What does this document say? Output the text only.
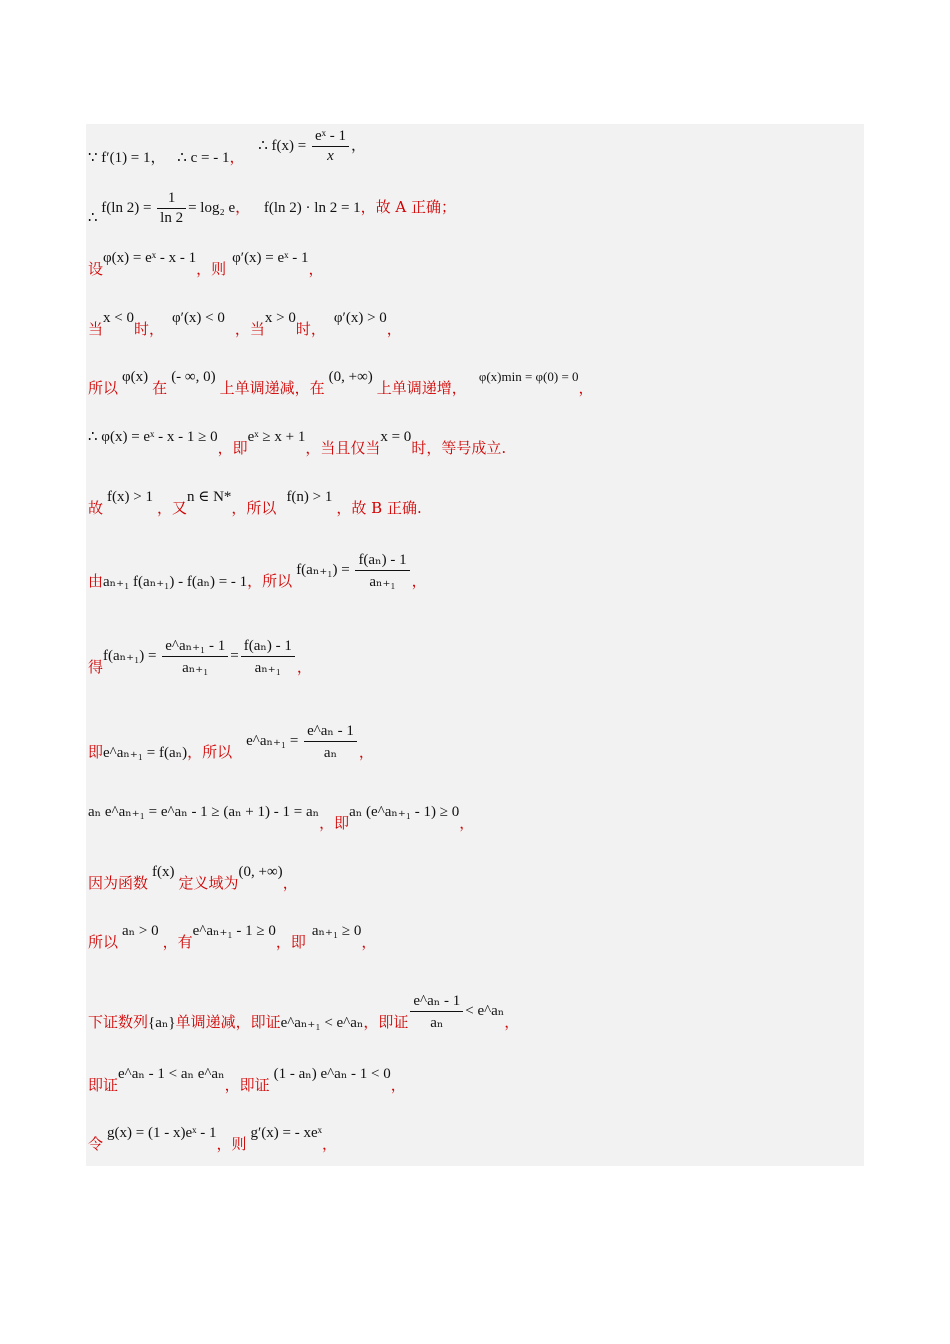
∵ f′(1) = 1， ∴ c = - 1， ∴ $f(x) = \frac{\text{eˣ - 1}}{x}$ ，
∴ f(ln $2) = \frac{1}{\ln 2} = \log_2$ e， f(ln 2) · ln 2 = 1，故 A 正确；
设φ(x) = eˣ - x - 1，则φ′(x) = eˣ - 1，
当x < 0时，φ′(x) < 0，当x > 0时，φ′(x) > 0，
所以φ(x)在(- ∞, 0)上单调递减，在(0, +∞)上单调递增，φ(x)min = φ(0) = 0，
∴ φ(x) = eˣ - x - 1 ≥ 0，即eˣ ≥ x + 1，当且仅当x = 0时，等号成立.
故f(x) > 1，又n ∈ N*，所以f(n) > 1，故 B 正确.
由aₙ₊₁ f(aₙ₊₁) - f(aₙ) = - 1，所以$f(a_{n+1}) = \frac{\text{f(aₙ) - 1}}{\text{aₙ₊₁}}$ ，
得$f(a_{n+1}) = \frac{\text{e\textasciicircum{}aₙ₊₁ - 1}}{\text{aₙ₊₁}} = \frac{\text{f(aₙ) - 1}}{\text{aₙ₊₁}}$ ，
即e^aₙ₊₁ = f(aₙ)，所以e^aₙ₊₁ = $\frac{\text{e\textasciicircum{}aₙ - 1}}{\text{aₙ}}$ ，
aₙ e^aₙ₊₁ = e^aₙ - 1 ≥ (aₙ + 1) - 1 = aₙ，即aₙ (e^aₙ₊₁ - 1) ≥ 0，
因为函数f(x)定义域为(0, +∞)，
所以aₙ > 0，有e^aₙ₊₁ - 1 ≥ 0，即aₙ₊₁ ≥ 0，
下证数列{aₙ}单调递减，即证e^aₙ₊₁ < e^aₙ，即证 $\frac{\text{e\textasciicircum{}aₙ - 1}}{\text{aₙ}}$ < e^aₙ，
即证e^aₙ - 1 < aₙ e^aₙ，即证(1 - aₙ) e^aₙ - 1 < 0，
令g(x) = (1 - x)eˣ - 1，则g′(x) = - xeˣ，
